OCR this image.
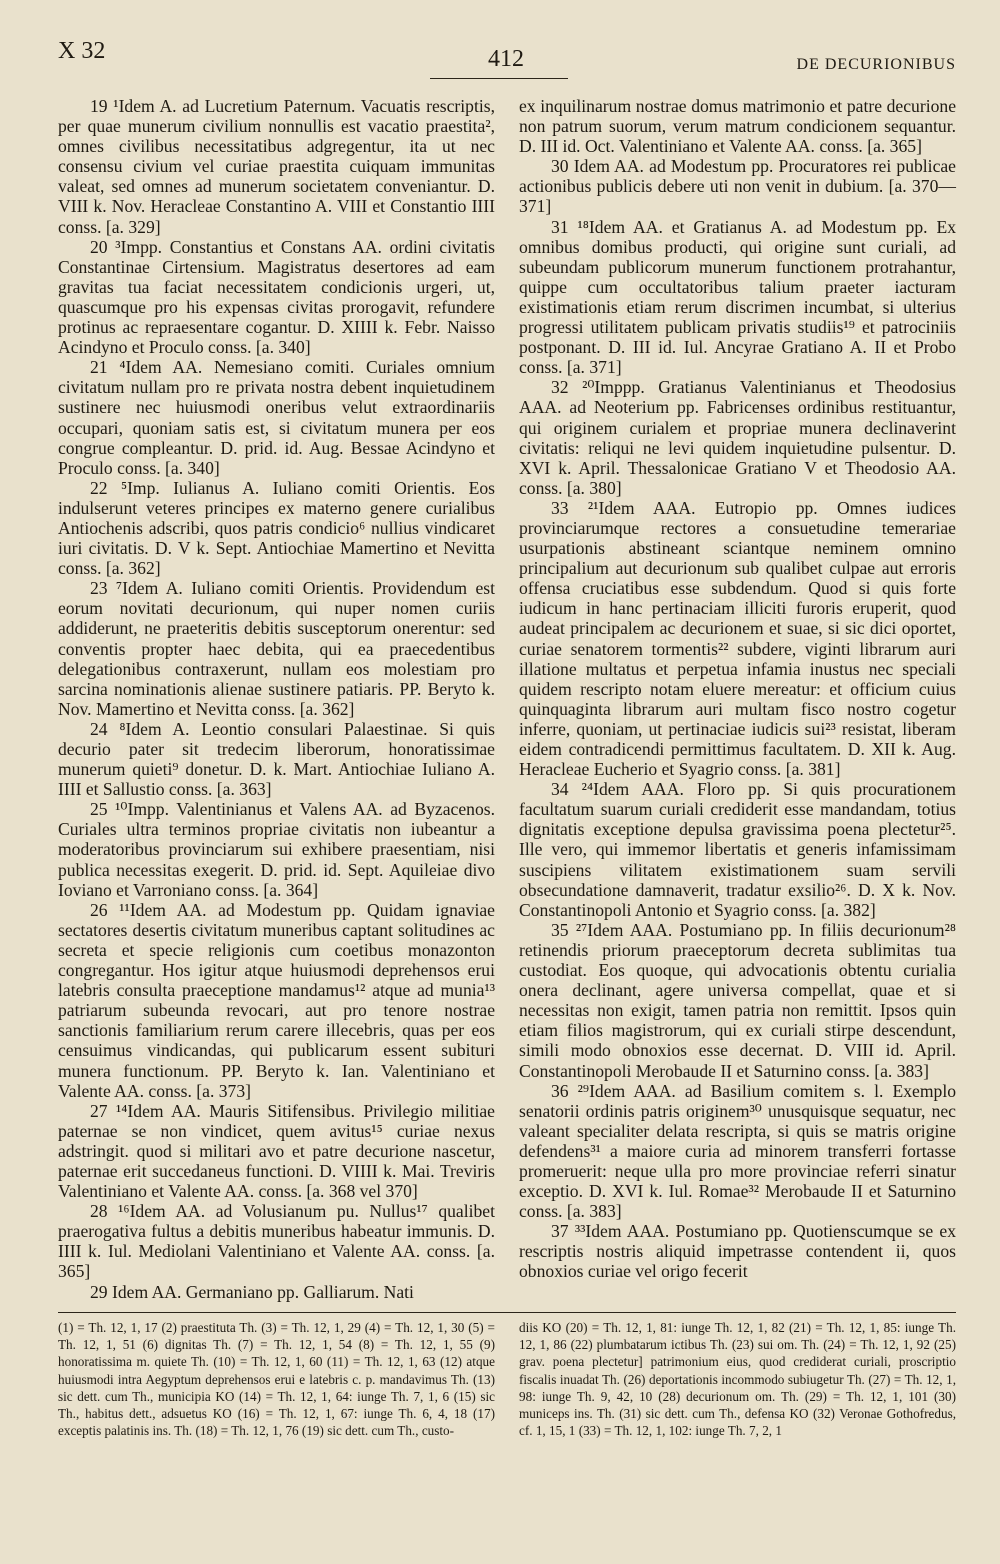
X 32	412	DE DECURIONIBUS

19 ¹Idem A. ad Lucretium Paternum. Vacuatis rescriptis, per quae munerum civilium nonnullis est vacatio praestita², omnes civilibus necessitatibus adgregentur, ita ut nec consensu civium vel curiae praestita cuiquam immunitas valeat, sed omnes ad munerum societatem conveniantur. D. VIII k. Nov. Heracleae Constantino A. VIII et Constantio IIII conss. [a. 329]

20 ³Impp. Constantius et Constans AA. ordini civitatis Constantinae Cirtensium. Magistratus desertores ad eam gravitas tua faciat necessitatem condicionis urgeri, ut, quascumque pro his expensas civitas prorogavit, refundere protinus ac repraesentare cogantur. D. XIIII k. Febr. Naisso Acindyno et Proculo conss. [a. 340]

21 ⁴Idem AA. Nemesiano comiti. Curiales omnium civitatum nullam pro re privata nostra debent inquietudinem sustinere nec huiusmodi oneribus velut extraordinariis occupari, quoniam satis est, si civitatum munera per eos congrue compleantur. D. prid. id. Aug. Bessae Acindyno et Proculo conss. [a. 340]

22 ⁵Imp. Iulianus A. Iuliano comiti Orientis. Eos indulserunt veteres principes ex materno genere curialibus Antiochenis adscribi, quos patris condicio⁶ nullius vindicaret iuri civitatis. D. V k. Sept. Antiochiae Mamertino et Nevitta conss. [a. 362]

23 ⁷Idem A. Iuliano comiti Orientis. Providendum est eorum novitati decurionum, qui nuper nomen curiis addiderunt, ne praeteritis debitis susceptorum onerentur: sed conventis propter haec debita, qui ea praecedentibus delegationibus contraxerunt, nullam eos molestiam pro sarcina nominationis alienae sustinere patiaris. PP. Beryto k. Nov. Mamertino et Nevitta conss. [a. 362]

24 ⁸Idem A. Leontio consulari Palaestinae. Si quis decurio pater sit tredecim liberorum, honoratissimae munerum quieti⁹ donetur. D. k. Mart. Antiochiae Iuliano A. IIII et Sallustio conss. [a. 363]

25 ¹⁰Impp. Valentinianus et Valens AA. ad Byzacenos. Curiales ultra terminos propriae civitatis non iubeantur a moderatoribus provinciarum sui exhibere praesentiam, nisi publica necessitas exegerit. D. prid. id. Sept. Aquileiae divo Ioviano et Varroniano conss. [a. 364]

26 ¹¹Idem AA. ad Modestum pp. Quidam ignaviae sectatores desertis civitatum muneribus captant solitudines ac secreta et specie religionis cum coetibus monazonton congregantur. Hos igitur atque huiusmodi deprehensos erui latebris consulta praeceptione mandamus¹² atque ad munia¹³ patriarum subeunda revocari, aut pro tenore nostrae sanctionis familiarium rerum carere illecebris, quas per eos censuimus vindicandas, qui publicarum essent subituri munera functionum. PP. Beryto k. Ian. Valentiniano et Valente AA. conss. [a. 373]

27 ¹⁴Idem AA. Mauris Sitifensibus. Privilegio militiae paternae se non vindicet, quem avitus¹⁵ curiae nexus adstringit. quod si militari avo et patre decurione nascetur, paternae erit succedaneus functioni. D. VIIII k. Mai. Treviris Valentiniano et Valente AA. conss. [a. 368 vel 370]

28 ¹⁶Idem AA. ad Volusianum pu. Nullus¹⁷ qualibet praerogativa fultus a debitis muneribus habeatur immunis. D. IIII k. Iul. Mediolani Valentiniano et Valente AA. conss. [a. 365]

29 Idem AA. Germaniano pp. Galliarum. Nati

ex inquilinarum nostrae domus matrimonio et patre decurione non patrum suorum, verum matrum condicionem sequantur. D. III id. Oct. Valentiniano et Valente AA. conss. [a. 365]

30 Idem AA. ad Modestum pp. Procuratores rei publicae actionibus publicis debere uti non venit in dubium. [a. 370—371]

31 ¹⁸Idem AA. et Gratianus A. ad Modestum pp. Ex omnibus domibus producti, qui origine sunt curiali, ad subeundam publicorum munerum functionem protrahantur, quippe cum occultatoribus talium praeter iacturam existimationis etiam rerum discrimen incumbat, si ulterius progressi utilitatem publicam privatis studiis¹⁹ et patrociniis postponant. D. III id. Iul. Ancyrae Gratiano A. II et Probo conss. [a. 371]

32 ²⁰Imppp. Gratianus Valentinianus et Theodosius AAA. ad Neoterium pp. Fabricenses ordinibus restituantur, qui originem curialem et propriae munera declinaverint civitatis: reliqui ne levi quidem inquietudine pulsentur. D. XVI k. April. Thessalonicae Gratiano V et Theodosio AA. conss. [a. 380]

33 ²¹Idem AAA. Eutropio pp. Omnes iudices provinciarumque rectores a consuetudine temerariae usurpationis abstineant sciantque neminem omnino principalium aut decurionum sub qualibet culpae aut erroris offensa cruciatibus esse subdendum. Quod si quis forte iudicum in hanc pertinaciam illiciti furoris eruperit, quod audeat principalem ac decurionem et suae, si sic dici oportet, curiae senatorem tormentis²² subdere, viginti librarum auri illatione multatus et perpetua infamia inustus nec speciali quidem rescripto notam eluere mereatur: et officium cuius quinquaginta librarum auri multam fisco nostro cogetur inferre, quoniam, ut pertinaciae iudicis sui²³ resistat, liberam eidem contradicendi permittimus facultatem. D. XII k. Aug. Heracleae Eucherio et Syagrio conss. [a. 381]

34 ²⁴Idem AAA. Floro pp. Si quis procurationem facultatum suarum curiali crediderit esse mandandam, totius dignitatis exceptione depulsa gravissima poena plectetur²⁵. Ille vero, qui immemor libertatis et generis infamissimam suscipiens vilitatem existimationem suam servili obsecundatione damnaverit, tradatur exsilio²⁶. D. X k. Nov. Constantinopoli Antonio et Syagrio conss. [a. 382]

35 ²⁷Idem AAA. Postumiano pp. In filiis decurionum²⁸ retinendis priorum praeceptorum decreta sublimitas tua custodiat. Eos quoque, qui advocationis obtentu curialia onera declinant, agere universa compellat, quae et si necessitas non exigit, tamen patria non remittit. Ipsos quin etiam filios magistrorum, qui ex curiali stirpe descendunt, simili modo obnoxios esse decernat. D. VIII id. April. Constantinopoli Merobaude II et Saturnino conss. [a. 383]

36 ²⁹Idem AAA. ad Basilium comitem s. l. Exemplo senatorii ordinis patris originem³⁰ unusquisque sequatur, nec valeant specialiter delata rescripta, si quis se matris origine defendens³¹ a maiore curia ad minorem transferri fortasse promeruerit: neque ulla pro more provinciae referri sinatur exceptio. D. XVI k. Iul. Romae³² Merobaude II et Saturnino conss. [a. 383]

37 ³³Idem AAA. Postumiano pp. Quotienscumque se ex rescriptis nostris aliquid impetrasse contendent ii, quos obnoxios curiae vel origo fecerit

(1) = Th. 12, 1, 17 (2) praestituta Th. (3) = Th. 12, 1, 29 (4) = Th. 12, 1, 30 (5) = Th. 12, 1, 51 (6) dignitas Th. (7) = Th. 12, 1, 54 (8) = Th. 12, 1, 55 (9) honoratissima m. quiete Th. (10) = Th. 12, 1, 60 (11) = Th. 12, 1, 63 (12) atque huiusmodi intra Aegyptum deprehensos erui e latebris c. p. mandavimus Th. (13) sic dett. cum Th., municipia KO (14) = Th. 12, 1, 64: iunge Th. 7, 1, 6 (15) sic Th., habitus dett., adsuetus KO (16) = Th. 12, 1, 67: iunge Th. 6, 4, 18 (17) exceptis palatinis ins. Th. (18) = Th. 12, 1, 76 (19) sic dett. cum Th., custo-
diis KO (20) = Th. 12, 1, 81: iunge Th. 12, 1, 82 (21) = Th. 12, 1, 85: iunge Th. 12, 1, 86 (22) plumbatarum ictibus Th. (23) sui om. Th. (24) = Th. 12, 1, 92 (25) grav. poena plectetur] patrimonium eius, quod crediderat curiali, proscriptio fiscalis inuadat Th. (26) deportationis incommodo subiugetur Th. (27) = Th. 12, 1, 98: iunge Th. 9, 42, 10 (28) decurionum om. Th. (29) = Th. 12, 1, 101 (30) municeps ins. Th. (31) sic dett. cum Th., defensa KO (32) Veronae Gothofredus, cf. 1, 15, 1 (33) = Th. 12, 1, 102: iunge Th. 7, 2, 1
